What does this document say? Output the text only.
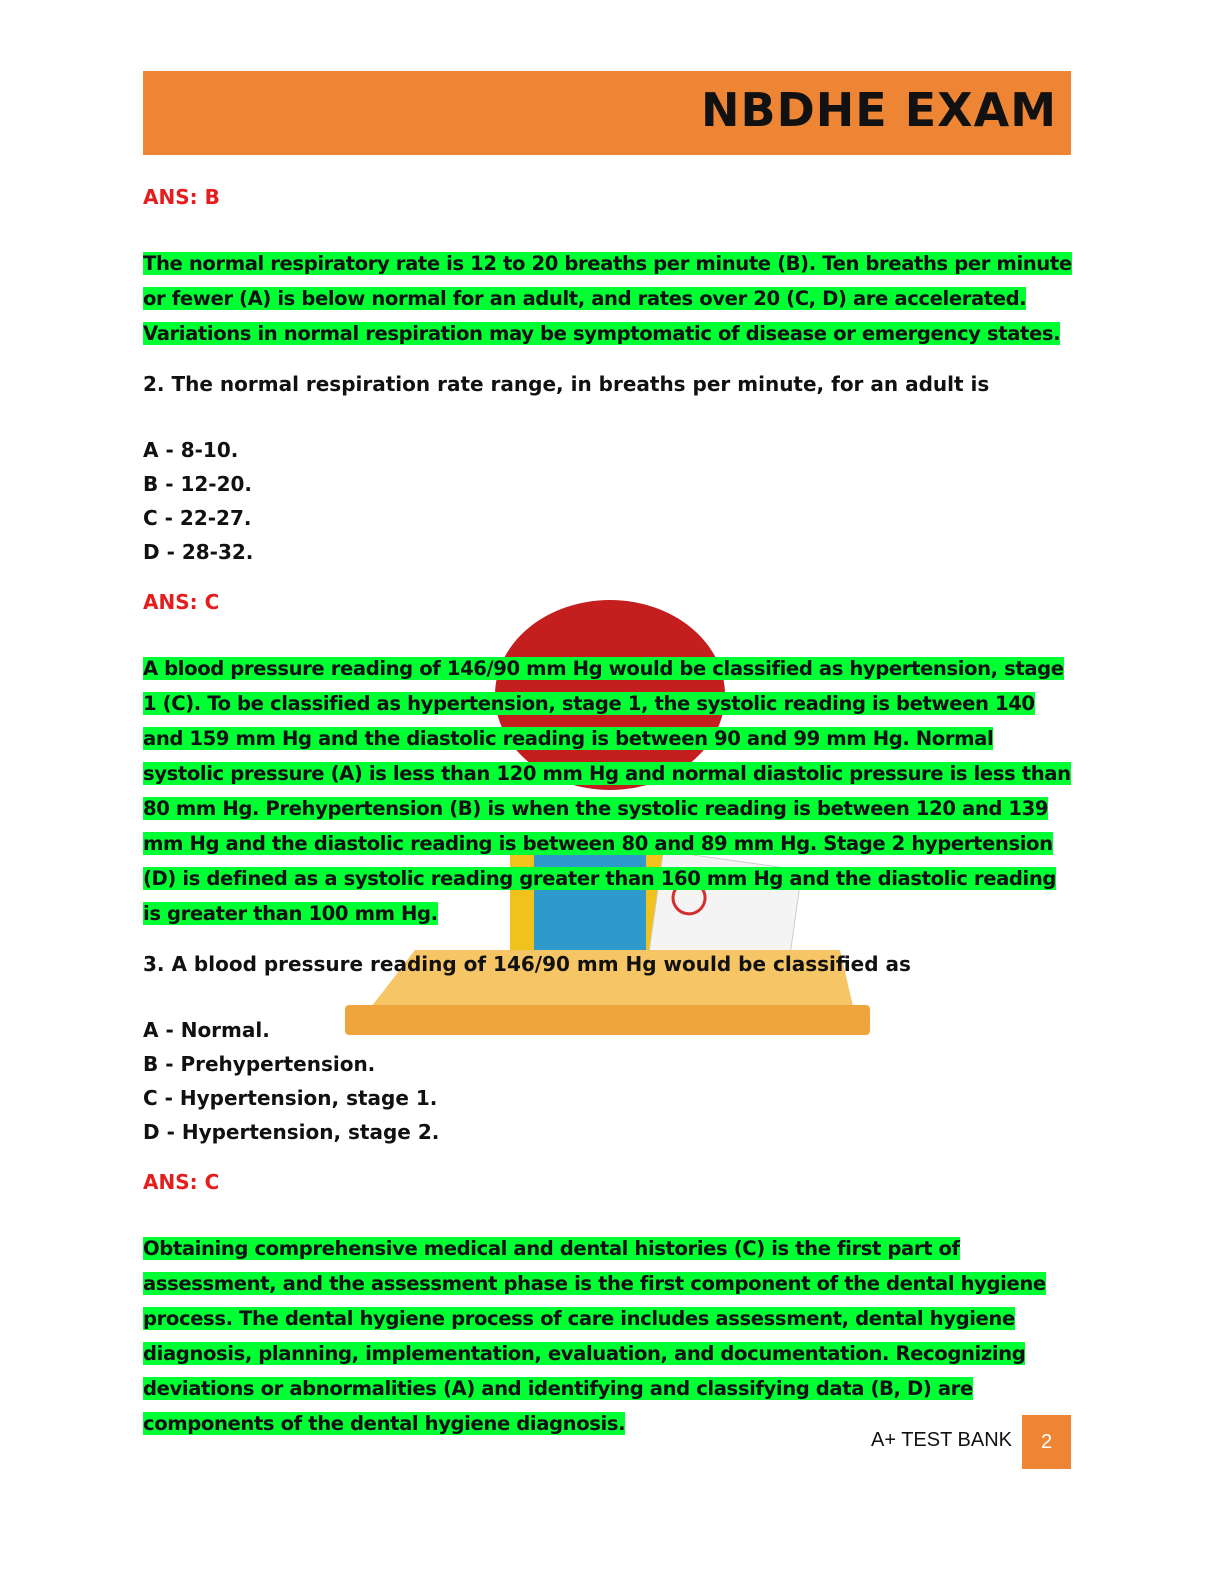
NBDHE EXAM

ANS: B

The normal respiratory rate is 12 to 20 breaths per minute (B). Ten breaths per minute or fewer (A) is below normal for an adult, and rates over 20 (C, D) are accelerated. Variations in normal respiration may be symptomatic of disease or emergency states.

2. The normal respiration rate range, in breaths per minute, for an adult is

A - 8-10.

B - 12-20.

C - 22-27.

D - 28-32.

ANS: C

A blood pressure reading of 146/90 mm Hg would be classified as hypertension, stage 1 (C). To be classified as hypertension, stage 1, the systolic reading is between 140 and 159 mm Hg and the diastolic reading is between 90 and 99 mm Hg. Normal systolic pressure (A) is less than 120 mm Hg and normal diastolic pressure is less than 80 mm Hg. Prehypertension (B) is when the systolic reading is between 120 and 139 mm Hg and the diastolic reading is between 80 and 89 mm Hg. Stage 2 hypertension (D) is defined as a systolic reading greater than 160 mm Hg and the diastolic reading is greater than 100 mm Hg.

3. A blood pressure reading of 146/90 mm Hg would be classified as

A - Normal.

B - Prehypertension.

C - Hypertension, stage 1.

D - Hypertension, stage 2.

ANS: C

Obtaining comprehensive medical and dental histories (C) is the first part of assessment, and the assessment phase is the first component of the dental hygiene process. The dental hygiene process of care includes assessment, dental hygiene diagnosis, planning, implementation, evaluation, and documentation. Recognizing deviations or abnormalities (A) and identifying and classifying data (B, D) are components of the dental hygiene diagnosis.

A+ TEST BANK 2
